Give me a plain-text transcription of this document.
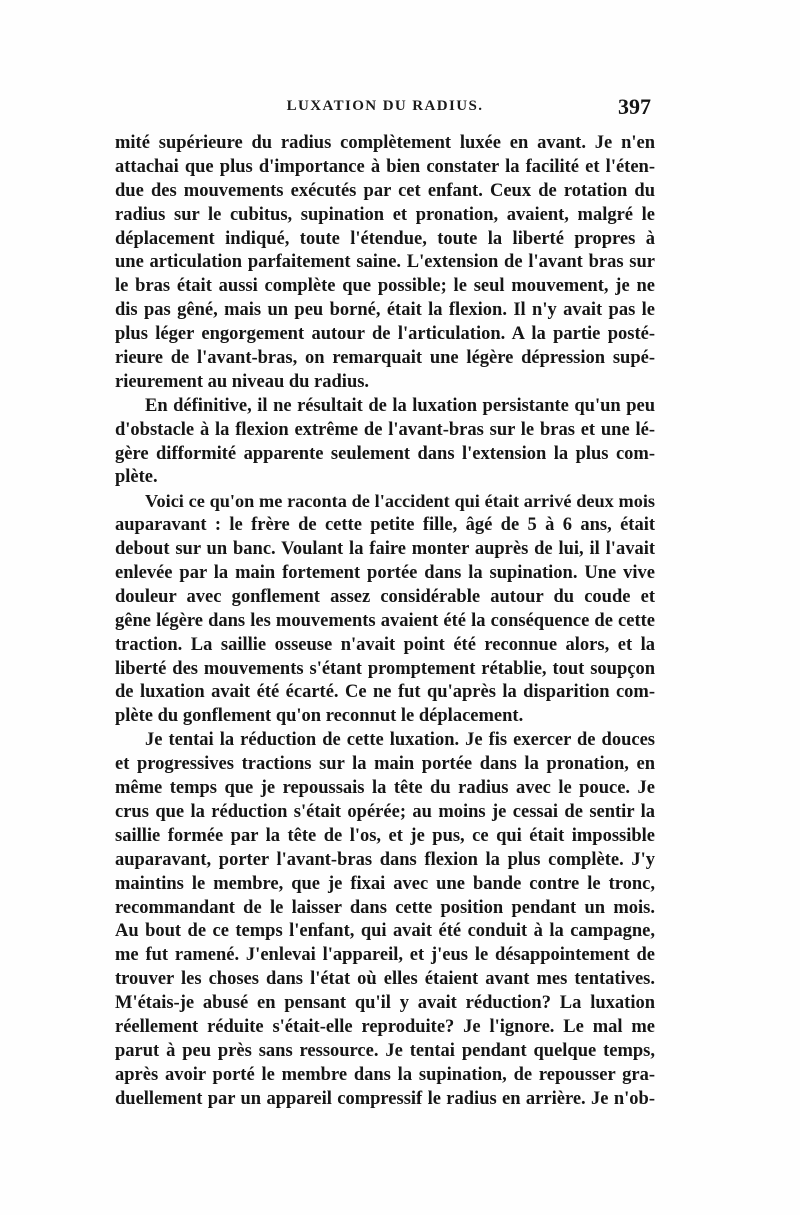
LUXATION DU RADIUS.	397
mité supérieure du radius complètement luxée en avant. Je n'en
attachai que plus d'importance à bien constater la facilité et l'éten-
due des mouvements exécutés par cet enfant. Ceux de rotation du
radius sur le cubitus, supination et pronation, avaient, malgré le
déplacement indiqué, toute l'étendue, toute la liberté propres à
une articulation parfaitement saine. L'extension de l'avant bras sur
le bras était aussi complète que possible; le seul mouvement, je ne
dis pas gêné, mais un peu borné, était la flexion. Il n'y avait pas le
plus léger engorgement autour de l'articulation. A la partie posté-
rieure de l'avant-bras, on remarquait une légère dépression supé-
rieurement au niveau du radius.
En définitive, il ne résultait de la luxation persistante qu'un peu
d'obstacle à la flexion extrême de l'avant-bras sur le bras et une lé-
gère difformité apparente seulement dans l'extension la plus com-
plète.
Voici ce qu'on me raconta de l'accident qui était arrivé deux mois
auparavant : le frère de cette petite fille, âgé de 5 à 6 ans, était
debout sur un banc. Voulant la faire monter auprès de lui, il l'avait
enlevée par la main fortement portée dans la supination. Une vive
douleur avec gonflement assez considérable autour du coude et
gêne légère dans les mouvements avaient été la conséquence de cette
traction. La saillie osseuse n'avait point été reconnue alors, et la
liberté des mouvements s'étant promptement rétablie, tout soupçon
de luxation avait été écarté. Ce ne fut qu'après la disparition com-
plète du gonflement qu'on reconnut le déplacement.
Je tentai la réduction de cette luxation. Je fis exercer de douces
et progressives tractions sur la main portée dans la pronation, en
même temps que je repoussais la tête du radius avec le pouce. Je
crus que la réduction s'était opérée; au moins je cessai de sentir la
saillie formée par la tête de l'os, et je pus, ce qui était impossible
auparavant, porter l'avant-bras dans flexion la plus complète. J'y
maintins le membre, que je fixai avec une bande contre le tronc,
recommandant de le laisser dans cette position pendant un mois.
Au bout de ce temps l'enfant, qui avait été conduit à la campagne,
me fut ramené. J'enlevai l'appareil, et j'eus le désappointement de
trouver les choses dans l'état où elles étaient avant mes tentatives.
M'étais-je abusé en pensant qu'il y avait réduction? La luxation
réellement réduite s'était-elle reproduite? Je l'ignore. Le mal me
parut à peu près sans ressource. Je tentai pendant quelque temps,
après avoir porté le membre dans la supination, de repousser gra-
duellement par un appareil compressif le radius en arrière. Je n'ob-
